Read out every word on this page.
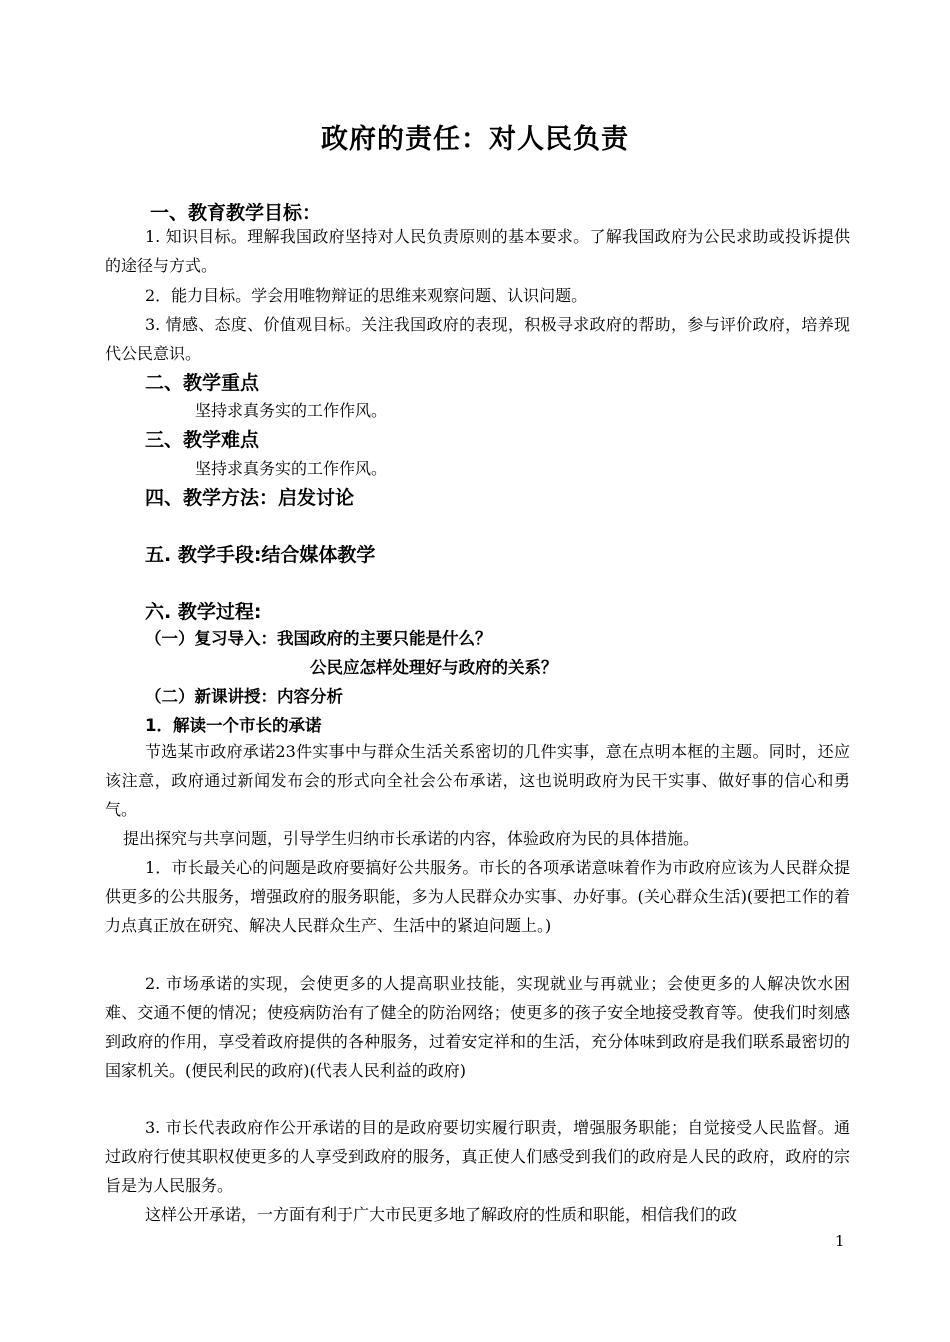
政府的责任：对人民负责
一、教育教学目标：
1. 知识目标。理解我国政府坚持对人民负责原则的基本要求。了解我国政府为公民求助或投诉提供的途径与方式。
2．能力目标。学会用唯物辩证的思维来观察问题、认识问题。
3. 情感、态度、价值观目标。关注我国政府的表现，积极寻求政府的帮助，参与评价政府，培养现代公民意识。
二、教学重点
坚持求真务实的工作作风。
三、教学难点
坚持求真务实的工作作风。
四、教学方法：启发讨论
五. 教学手段:结合媒体教学
六. 教学过程:
（一）复习导入：我国政府的主要只能是什么？
公民应怎样处理好与政府的关系？
（二）新课讲授：内容分析
1．解读一个市长的承诺
节选某市政府承诺23件实事中与群众生活关系密切的几件实事，意在点明本框的主题。同时，还应该注意，政府通过新闻发布会的形式向全社会公布承诺，这也说明政府为民干实事、做好事的信心和勇气。
提出探究与共享问题，引导学生归纳市长承诺的内容，体验政府为民的具体措施。
1．市长最关心的问题是政府要搞好公共服务。市长的各项承诺意味着作为市政府应该为人民群众提供更多的公共服务，增强政府的服务职能，多为人民群众办实事、办好事。(关心群众生活)(要把工作的着力点真正放在研究、解决人民群众生产、生活中的紧迫问题上。)
2. 市场承诺的实现，会使更多的人提高职业技能，实现就业与再就业；会使更多的人解决饮水困难、交通不便的情况；使疫病防治有了健全的防治网络；使更多的孩子安全地接受教育等。使我们时刻感到政府的作用，享受着政府提供的各种服务，过着安定祥和的生活，充分体味到政府是我们联系最密切的国家机关。(便民利民的政府)(代表人民利益的政府)
3. 市长代表政府作公开承诺的目的是政府要切实履行职责，增强服务职能；自觉接受人民监督。通过政府行使其职权使更多的人享受到政府的服务，真正使人们感受到我们的政府是人民的政府，政府的宗旨是为人民服务。
这样公开承诺，一方面有利于广大市民更多地了解政府的性质和职能，相信我们的政
1
